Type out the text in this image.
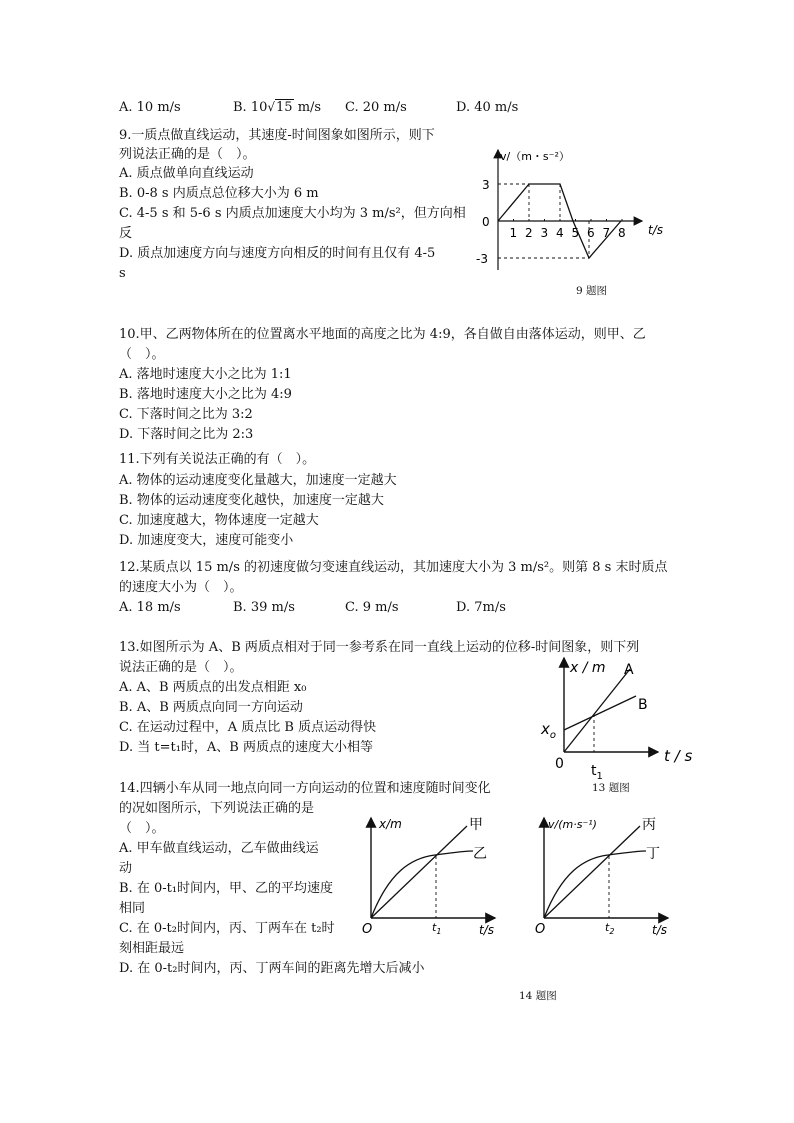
A. 10 m/s	B. 10√15 m/s C. 20 m/s	D. 40 m/s
9.一质点做直线运动，其速度-时间图象如图所示，则下
列说法正确的是（　）。
A. 质点做单向直线运动
B. 0-8 s 内质点总位移大小为 6 m
C. 4-5 s 和 5-6 s 内质点加速度大小均为 3 m/s²，但方向相
反
D. 质点加速度方向与速度方向相反的时间有且仅有 4-5
s
v/（m・s⁻²）
t/s
3
0
-3
1 2 3 4 5 6 7 8
9 题图
10.甲、乙两物体所在的位置离水平地面的高度之比为 4:9，各自做自由落体运动，则甲、乙
（　）。
A. 落地时速度大小之比为 1:1
B. 落地时速度大小之比为 4:9
C. 下落时间之比为 3:2
D. 下落时间之比为 2:3
11.下列有关说法正确的有（　）。
A. 物体的运动速度变化量越大，加速度一定越大
B. 物体的运动速度变化越快，加速度一定越大
C. 加速度越大，物体速度一定越大
D. 加速度变大，速度可能变小
12.某质点以 15 m/s 的初速度做匀变速直线运动，其加速度大小为 3 m/s²。则第 8 s 末时质点
的速度大小为（　）。
A. 18 m/s	B. 39 m/s	C. 9 m/s	D. 7m/s
13.如图所示为 A、B 两质点相对于同一参考系在同一直线上运动的位移-时间图象，则下列
说法正确的是（　）。
A. A、B 两质点的出发点相距 x₀
B. A、B 两质点向同一方向运动
C. 在运动过程中，A 质点比 B 质点运动得快
D. 当 t=t₁时，A、B 两质点的速度大小相等
x / m
t / s
A
B
$x_o$
0 $t_1$
13 题图
14.四辆小车从同一地点向同一方向运动的位置和速度随时间变化
的况如图所示，下列说法正确的是
（　）。
A. 甲车做直线运动，乙车做曲线运
动
B. 在 0-t₁时间内，甲、乙的平均速度
相同
C. 在 0-t₂时间内，丙、丁两车在 t₂时
刻相距最远
D. 在 0-t₂时间内，丙、丁两车间的距离先增大后减小
x/m
t/s
甲
乙
O	$t_1$
v/(m·s⁻¹)
t/s
丙
丁
O	$t_2$
14 题图
